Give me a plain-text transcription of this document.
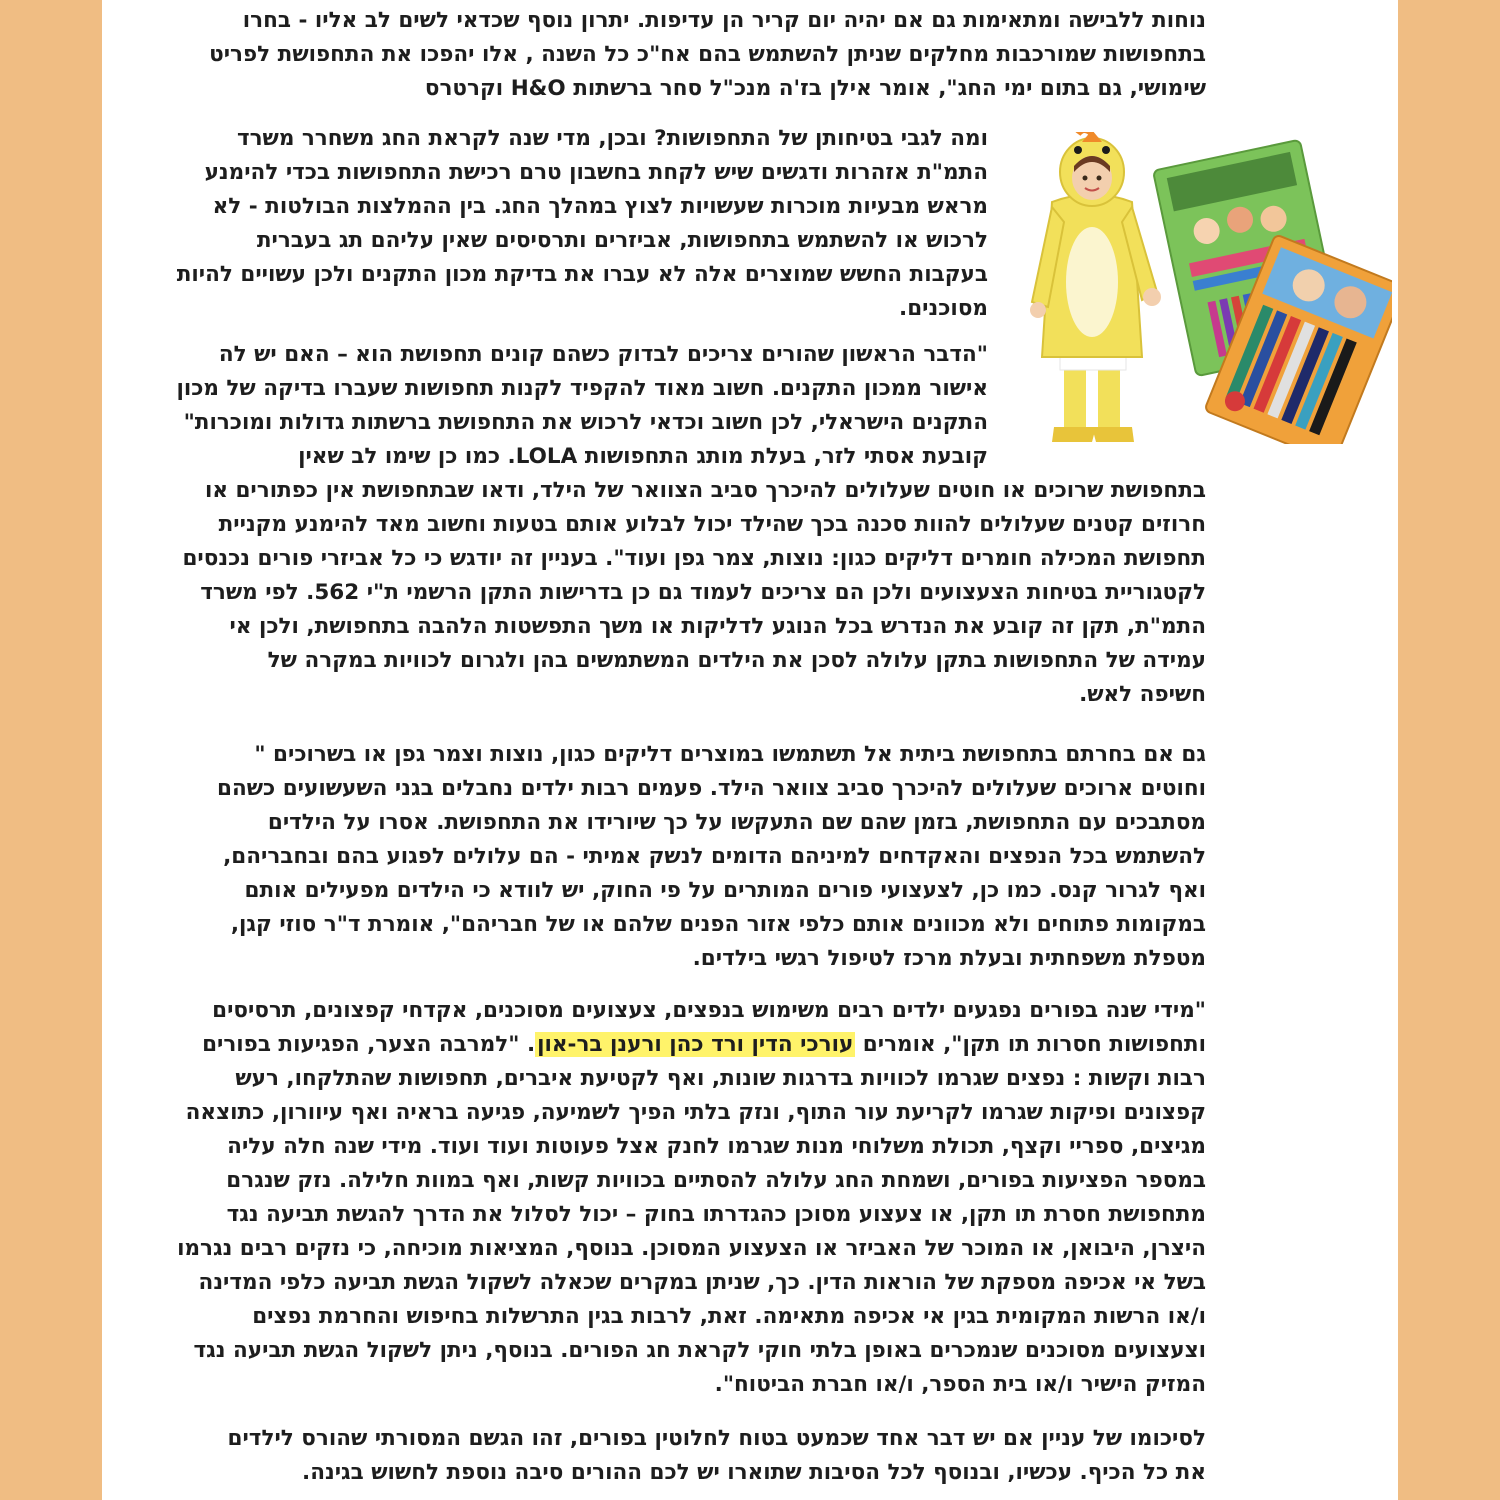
נוחות ללבישה ומתאימות גם אם יהיה יום קריר הן עדיפות. יתרון נוסף שכדאי לשים לב אליו - בחרו
בתחפושות שמורכבות מחלקים שניתן להשתמש בהם אח"כ כל השנה , אלו יהפכו את התחפושת לפריט
שימושי, גם בתום ימי החג", אומר אילן בז'ה מנכ"ל סחר ברשתות H&O וקרטרס
ומה לגבי בטיחותן של התחפושות? ובכן, מדי שנה לקראת החג משחרר משרד
התמ"ת אזהרות ודגשים שיש לקחת בחשבון טרם רכישת התחפושות בכדי להימנע
מראש מבעיות מוכרות שעשויות לצוץ במהלך החג. בין ההמלצות הבולטות - לא
לרכוש או להשתמש בתחפושות, אביזרים ותרסיסים שאין עליהם תג בעברית
בעקבות החשש שמוצרים אלה לא עברו את בדיקת מכון התקנים ולכן עשויים להיות
מסוכנים.
"הדבר הראשון שהורים צריכים לבדוק כשהם קונים תחפושת הוא – האם יש לה
אישור ממכון התקנים. חשוב מאוד להקפיד לקנות תחפושות שעברו בדיקה של מכון
התקנים הישראלי, לכן חשוב וכדאי לרכוש את התחפושת ברשתות גדולות ומוכרות"
קובעת אסתי לזר, בעלת מותג התחפושות LOLA. כמו כן שימו לב שאין
בתחפושת שרוכים או חוטים שעלולים להיכרך סביב הצוואר של הילד, ודאו שבתחפושת אין כפתורים או
חרוזים קטנים שעלולים להוות סכנה בכך שהילד יכול לבלוע אותם בטעות וחשוב מאד להימנע מקניית
תחפושת המכילה חומרים דליקים כגון: נוצות, צמר גפן ועוד". בעניין זה יודגש כי כל אביזרי פורים נכנסים
לקטגוריית בטיחות הצעצועים ולכן הם צריכים לעמוד גם כן בדרישות התקן הרשמי ת"י 562. לפי משרד
התמ"ת, תקן זה קובע את הנדרש בכל הנוגע לדליקות או משך התפשטות הלהבה בתחפושת, ולכן אי
עמידה של התחפושות בתקן עלולה לסכן את הילדים המשתמשים בהן ולגרום לכוויות במקרה של
חשיפה לאש.
גם אם בחרתם בתחפושת ביתית אל תשתמשו במוצרים דליקים כגון, נוצות וצמר גפן או בשרוכים "
וחוטים ארוכים שעלולים להיכרך סביב צוואר הילד. פעמים רבות ילדים נחבלים בגני השעשועים כשהם
מסתבכים עם התחפושת, בזמן שהם שם התעקשו על כך שיורידו את התחפושת. אסרו על הילדים
להשתמש בכל הנפצים והאקדחים למיניהם הדומים לנשק אמיתי - הם עלולים לפגוע בהם ובחבריהם,
ואף לגרור קנס. כמו כן, לצעצועי פורים המותרים על פי החוק, יש לוודא כי הילדים מפעילים אותם
במקומות פתוחים ולא מכוונים אותם כלפי אזור הפנים שלהם או של חבריהם", אומרת ד"ר סוזי קגן,
מטפלת משפחתית ובעלת מרכז לטיפול רגשי בילדים.
"מידי שנה בפורים נפגעים ילדים רבים משימוש בנפצים, צעצועים מסוכנים, אקדחי קפצונים, תרסיסים
ותחפושות חסרות תו תקן", אומרים עורכי הדין ורד כהן ורענן בר-און. "למרבה הצער, הפגיעות בפורים
רבות וקשות : נפצים שגרמו לכוויות בדרגות שונות, ואף לקטיעת איברים, תחפושות שהתלקחו, רעש
קפצונים ופיקות שגרמו לקריעת עור התוף, ונזק בלתי הפיך לשמיעה, פגיעה בראיה ואף עיוורון, כתוצאה
מגיצים, ספריי וקצף, תכולת משלוחי מנות שגרמו לחנק אצל פעוטות ועוד ועוד. מידי שנה חלה עליה
במספר הפציעות בפורים, ושמחת החג עלולה להסתיים בכוויות קשות, ואף במוות חלילה. נזק שנגרם
מתחפושת חסרת תו תקן, או צעצוע מסוכן כהגדרתו בחוק – יכול לסלול את הדרך להגשת תביעה נגד
היצרן, היבואן, או המוכר של האביזר או הצעצוע המסוכן. בנוסף, המציאות מוכיחה, כי נזקים רבים נגרמו
בשל אי אכיפה מספקת של הוראות הדין. כך, שניתן במקרים שכאלה לשקול הגשת תביעה כלפי המדינה
ו/או הרשות המקומית בגין אי אכיפה מתאימה. זאת, לרבות בגין התרשלות בחיפוש והחרמת נפצים
וצעצועים מסוכנים שנמכרים באופן בלתי חוקי לקראת חג הפורים. בנוסף, ניתן לשקול הגשת תביעה נגד
המזיק הישיר ו/או בית הספר, ו/או חברת הביטוח".
לסיכומו של עניין אם יש דבר אחד שכמעט בטוח לחלוטין בפורים, זהו הגשם המסורתי שהורס לילדים
את כל הכיף. עכשיו, ובנוסף לכל הסיבות שתוארו יש לכם ההורים סיבה נוספת לחשוש בגינה.
